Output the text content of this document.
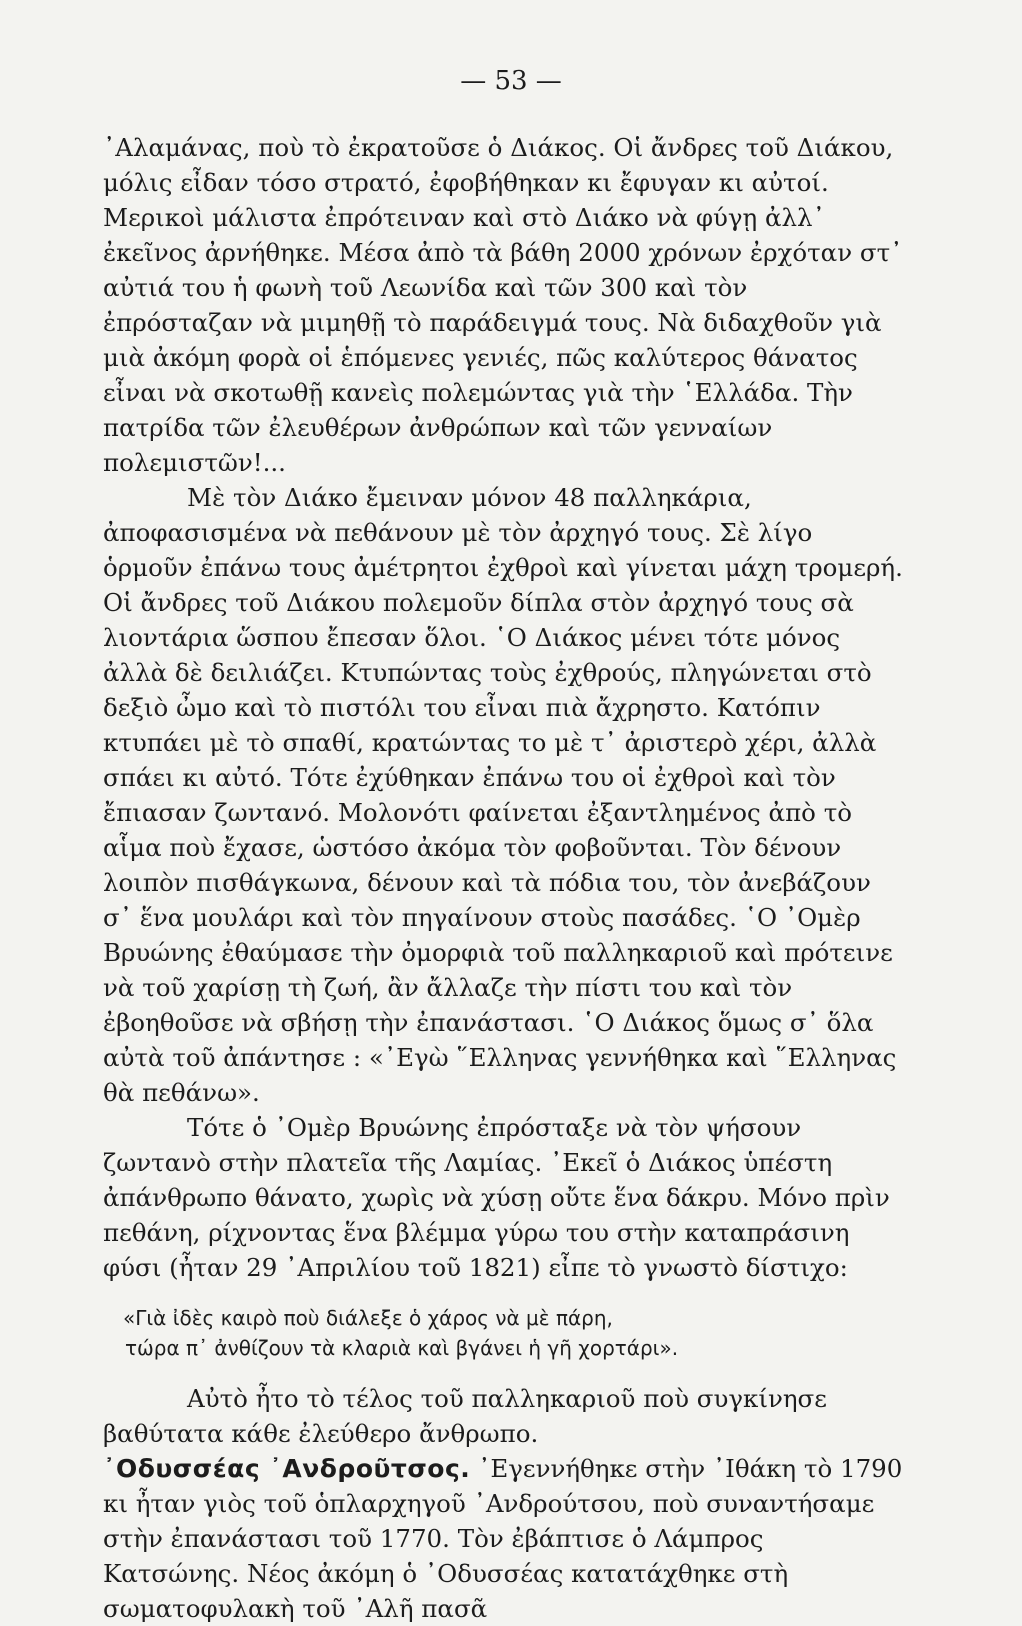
— 53 —

᾿Αλαμάνας, ποὺ τὸ ἐκρατοῦσε ὁ Διάκος. Οἱ ἄνδρες τοῦ Διάκου, μόλις εἶδαν τόσο στρατό, ἐφοβήθηκαν κι ἔφυγαν κι αὐτοί. Μερικοὶ μάλιστα ἐπρότειναν καὶ στὸ Διάκο νὰ φύγῃ ἀλλ᾿ ἐκεῖνος ἀρνήθηκε. Μέσα ἀπὸ τὰ βάθη 2000 χρόνων ἐρχόταν στ᾿ αὐτιά του ἡ φωνὴ τοῦ Λεωνίδα καὶ τῶν 300 καὶ τὸν ἐπρόσταζαν νὰ μιμηθῇ τὸ παράδειγμά τους. Νὰ διδαχθοῦν γιὰ μιὰ ἀκόμη φορὰ οἱ ἑπόμενες γενιές, πῶς καλύτερος θάνατος εἶναι νὰ σκοτωθῇ κανεὶς πολεμώντας γιὰ τὴν ῾Ελλάδα. Τὴν πατρίδα τῶν ἐλευθέρων ἀνθρώπων καὶ τῶν γενναίων πολεμιστῶν!...

Μὲ τὸν Διάκο ἔμειναν μόνον 48 παλληκάρια, ἀποφασισμένα νὰ πεθάνουν μὲ τὸν ἀρχηγό τους. Σὲ λίγο ὁρμοῦν ἐπάνω τους ἀμέτρητοι ἐχθροὶ καὶ γίνεται μάχη τρομερή. Οἱ ἄνδρες τοῦ Διάκου πολεμοῦν δίπλα στὸν ἀρχηγό τους σὰ λιοντάρια ὥσπου ἔπεσαν ὅλοι. ῾Ο Διάκος μένει τότε μόνος ἀλλὰ δὲ δειλιάζει. Κτυπώντας τοὺς ἐχθρούς, πληγώνεται στὸ δεξιὸ ὦμο καὶ τὸ πιστόλι του εἶναι πιὰ ἄχρηστο. Κατόπιν κτυπάει μὲ τὸ σπαθί, κρατώντας το μὲ τ᾿ ἀριστερὸ χέρι, ἀλλὰ σπάει κι αὐτό. Τότε ἐχύθηκαν ἐπάνω του οἱ ἐχθροὶ καὶ τὸν ἔπιασαν ζωντανό. Μολονότι φαίνεται ἐξαντλημένος ἀπὸ τὸ αἷμα ποὺ ἔχασε, ὡστόσο ἀκόμα τὸν φοβοῦνται. Τὸν δένουν λοιπὸν πισθάγκωνα, δένουν καὶ τὰ πόδια του, τὸν ἀνεβάζουν σ᾿ ἕνα μουλάρι καὶ τὸν πηγαίνουν στοὺς πασάδες. ῾Ο ᾿Ομὲρ Βρυώνης ἐθαύμασε τὴν ὀμορφιὰ τοῦ παλληκαριοῦ καὶ πρότεινε νὰ τοῦ χαρίσῃ τὴ ζωή, ἂν ἄλλαζε τὴν πίστι του καὶ τὸν ἐβοηθοῦσε νὰ σβήσῃ τὴν ἐπανάστασι. ῾Ο Διάκος ὅμως σ᾿ ὅλα αὐτὰ τοῦ ἀπάντησε : «᾿Εγὼ ῞Ελληνας γεννήθηκα καὶ ῞Ελληνας θὰ πεθάνω».

Τότε ὁ ᾿Ομὲρ Βρυώνης ἐπρόσταξε νὰ τὸν ψήσουν ζωντανὸ στὴν πλατεῖα τῆς Λαμίας. ᾿Εκεῖ ὁ Διάκος ὑπέστη ἀπάνθρωπο θάνατο, χωρὶς νὰ χύσῃ οὔτε ἕνα δάκρυ. Μόνο πρὶν πεθάνη, ρίχνοντας ἕνα βλέμμα γύρω του στὴν καταπράσινη φύσι (ἦταν 29 ᾿Απριλίου τοῦ 1821) εἶπε τὸ γνωστὸ δίστιχο:

«Γιὰ ἰδὲς καιρὸ ποὺ διάλεξε ὁ χάρος νὰ μὲ πάρη,
τώρα π᾿ ἀνθίζουν τὰ κλαριὰ καὶ βγάνει ἡ γῆ χορτάρι».

Αὐτὸ ἦτο τὸ τέλος τοῦ παλληκαριοῦ ποὺ συγκίνησε βαθύτατα κάθε ἐλεύθερο ἄνθρωπο.

᾿Οδυσσέας ᾿Ανδροῦτσος. ᾿Εγεννήθηκε στὴν ᾿Ιθάκη τὸ 1790 κι ἦταν γιὸς τοῦ ὁπλαρχηγοῦ ᾿Ανδρούτσου, ποὺ συναντήσαμε στὴν ἐπανάστασι τοῦ 1770. Τὸν ἐβάπτισε ὁ Λάμπρος Κατσώνης. Νέος ἀκόμη ὁ ᾿Οδυσσέας κατατάχθηκε στὴ σωματοφυλακὴ τοῦ ᾿Αλῆ πασᾶ
